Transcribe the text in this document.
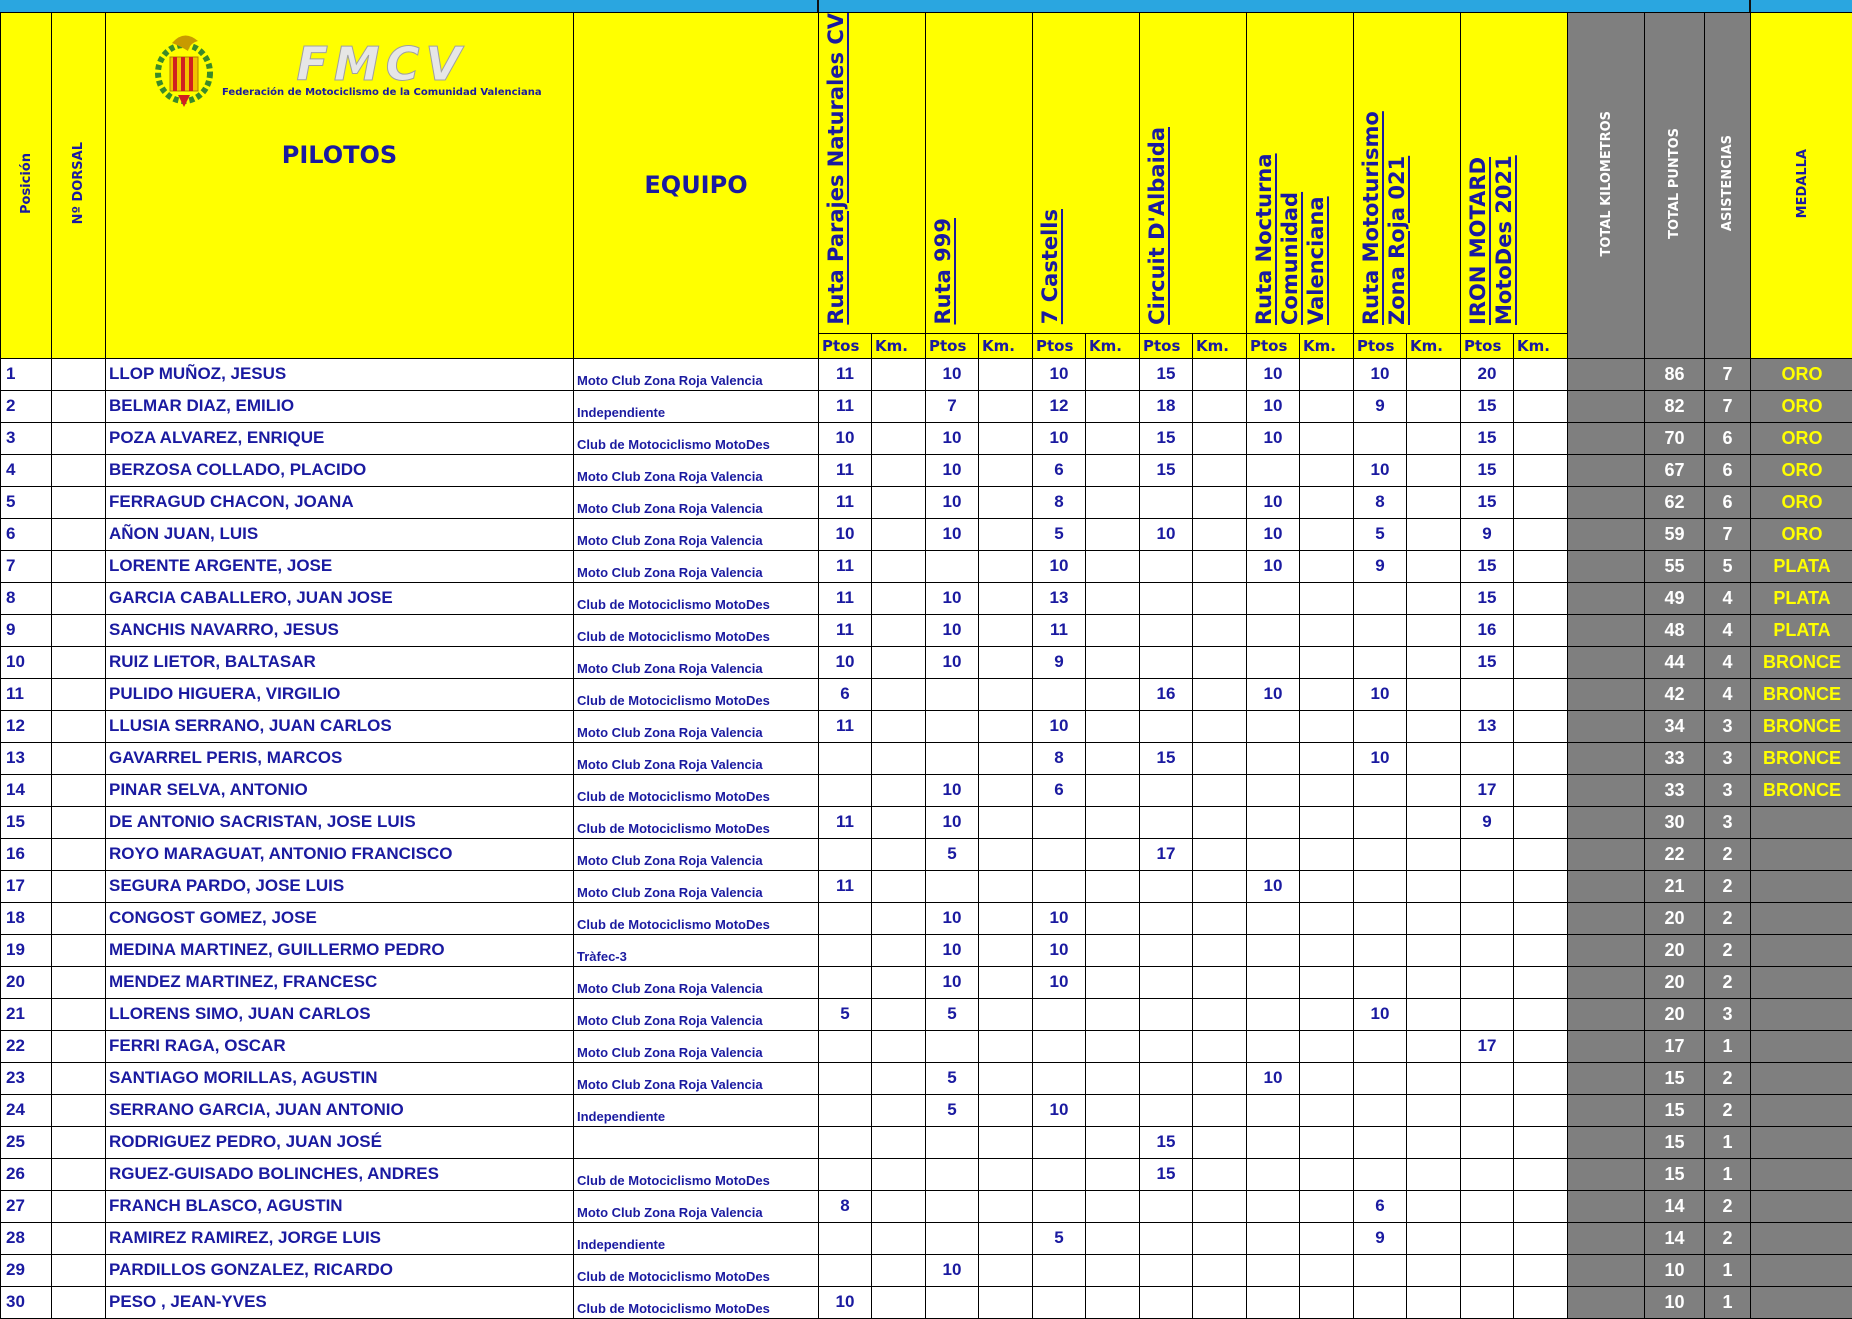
Posición	Nº DORSAL	FMCV
Federación de Motociclismo de la Comunidad Valenciana
PILOTOS	EQUIPO	Ruta Parajes Naturales CV		Ruta 999		7 Castells		Circuit D'Albaida		Ruta Nocturna Comunidad Valenciana		Ruta Mototurismo Zona Roja 021		IRON MOTARD MotoDes 2021		TOTAL KILOMETROS	TOTAL PUNTOS	ASISTENCIAS	MEDALLA
				Ptos	Km.	Ptos	Km.	Ptos	Km.	Ptos	Km.	Ptos	Km.	Ptos	Km.	Ptos	Km.				
1		LLOP MUÑOZ, JESUS	Moto Club Zona Roja Valencia	11		10		10		15		10		10		20			86	7	ORO
2		BELMAR DIAZ, EMILIO	Independiente	11		7		12		18		10		9		15			82	7	ORO
3		POZA ALVAREZ, ENRIQUE	Club de Motociclismo MotoDes	10		10		10		15		10				15			70	6	ORO
4		BERZOSA COLLADO, PLACIDO	Moto Club Zona Roja Valencia	11		10		6		15				10		15			67	6	ORO
5		FERRAGUD CHACON, JOANA	Moto Club Zona Roja Valencia	11		10		8				10		8		15			62	6	ORO
6		AÑON JUAN, LUIS	Moto Club Zona Roja Valencia	10		10		5		10		10		5		9			59	7	ORO
7		LORENTE ARGENTE, JOSE	Moto Club Zona Roja Valencia	11				10				10		9		15			55	5	PLATA
8		GARCIA CABALLERO, JUAN JOSE	Club de Motociclismo MotoDes	11		10		13								15			49	4	PLATA
9		SANCHIS NAVARRO, JESUS	Club de Motociclismo MotoDes	11		10		11								16			48	4	PLATA
10		RUIZ LIETOR, BALTASAR	Moto Club Zona Roja Valencia	10		10		9								15			44	4	BRONCE
11		PULIDO HIGUERA, VIRGILIO	Club de Motociclismo MotoDes	6						16		10		10					42	4	BRONCE
12		LLUSIA SERRANO, JUAN CARLOS	Moto Club Zona Roja Valencia	11				10								13			34	3	BRONCE
13		GAVARREL PERIS, MARCOS	Moto Club Zona Roja Valencia					8		15				10					33	3	BRONCE
14		PINAR SELVA, ANTONIO	Club de Motociclismo MotoDes			10		6								17			33	3	BRONCE
15		DE ANTONIO SACRISTAN, JOSE LUIS	Club de Motociclismo MotoDes	11		10										9			30	3	
16		ROYO MARAGUAT, ANTONIO FRANCISCO	Moto Club Zona Roja Valencia			5				17									22	2	
17		SEGURA PARDO, JOSE LUIS	Moto Club Zona Roja Valencia	11								10							21	2	
18		CONGOST GOMEZ, JOSE	Club de Motociclismo MotoDes			10		10											20	2	
19		MEDINA MARTINEZ, GUILLERMO PEDRO	Tràfec-3			10		10											20	2	
20		MENDEZ MARTINEZ, FRANCESC	Moto Club Zona Roja Valencia			10		10											20	2	
21		LLORENS SIMO, JUAN CARLOS	Moto Club Zona Roja Valencia	5		5								10					20	3	
22		FERRI RAGA, OSCAR	Moto Club Zona Roja Valencia													17			17	1	
23		SANTIAGO MORILLAS, AGUSTIN	Moto Club Zona Roja Valencia			5						10							15	2	
24		SERRANO GARCIA, JUAN ANTONIO	Independiente			5		10											15	2	
25		RODRIGUEZ PEDRO, JUAN JOSÉ								15									15	1	
26		RGUEZ-GUISADO BOLINCHES, ANDRES	Club de Motociclismo MotoDes							15									15	1	
27		FRANCH BLASCO, AGUSTIN	Moto Club Zona Roja Valencia	8										6					14	2	
28		RAMIREZ RAMIREZ, JORGE LUIS	Independiente					5						9					14	2	
29		PARDILLOS GONZALEZ, RICARDO	Club de Motociclismo MotoDes			10													10	1	
30		PESO , JEAN-YVES	Club de Motociclismo MotoDes	10															10	1	
